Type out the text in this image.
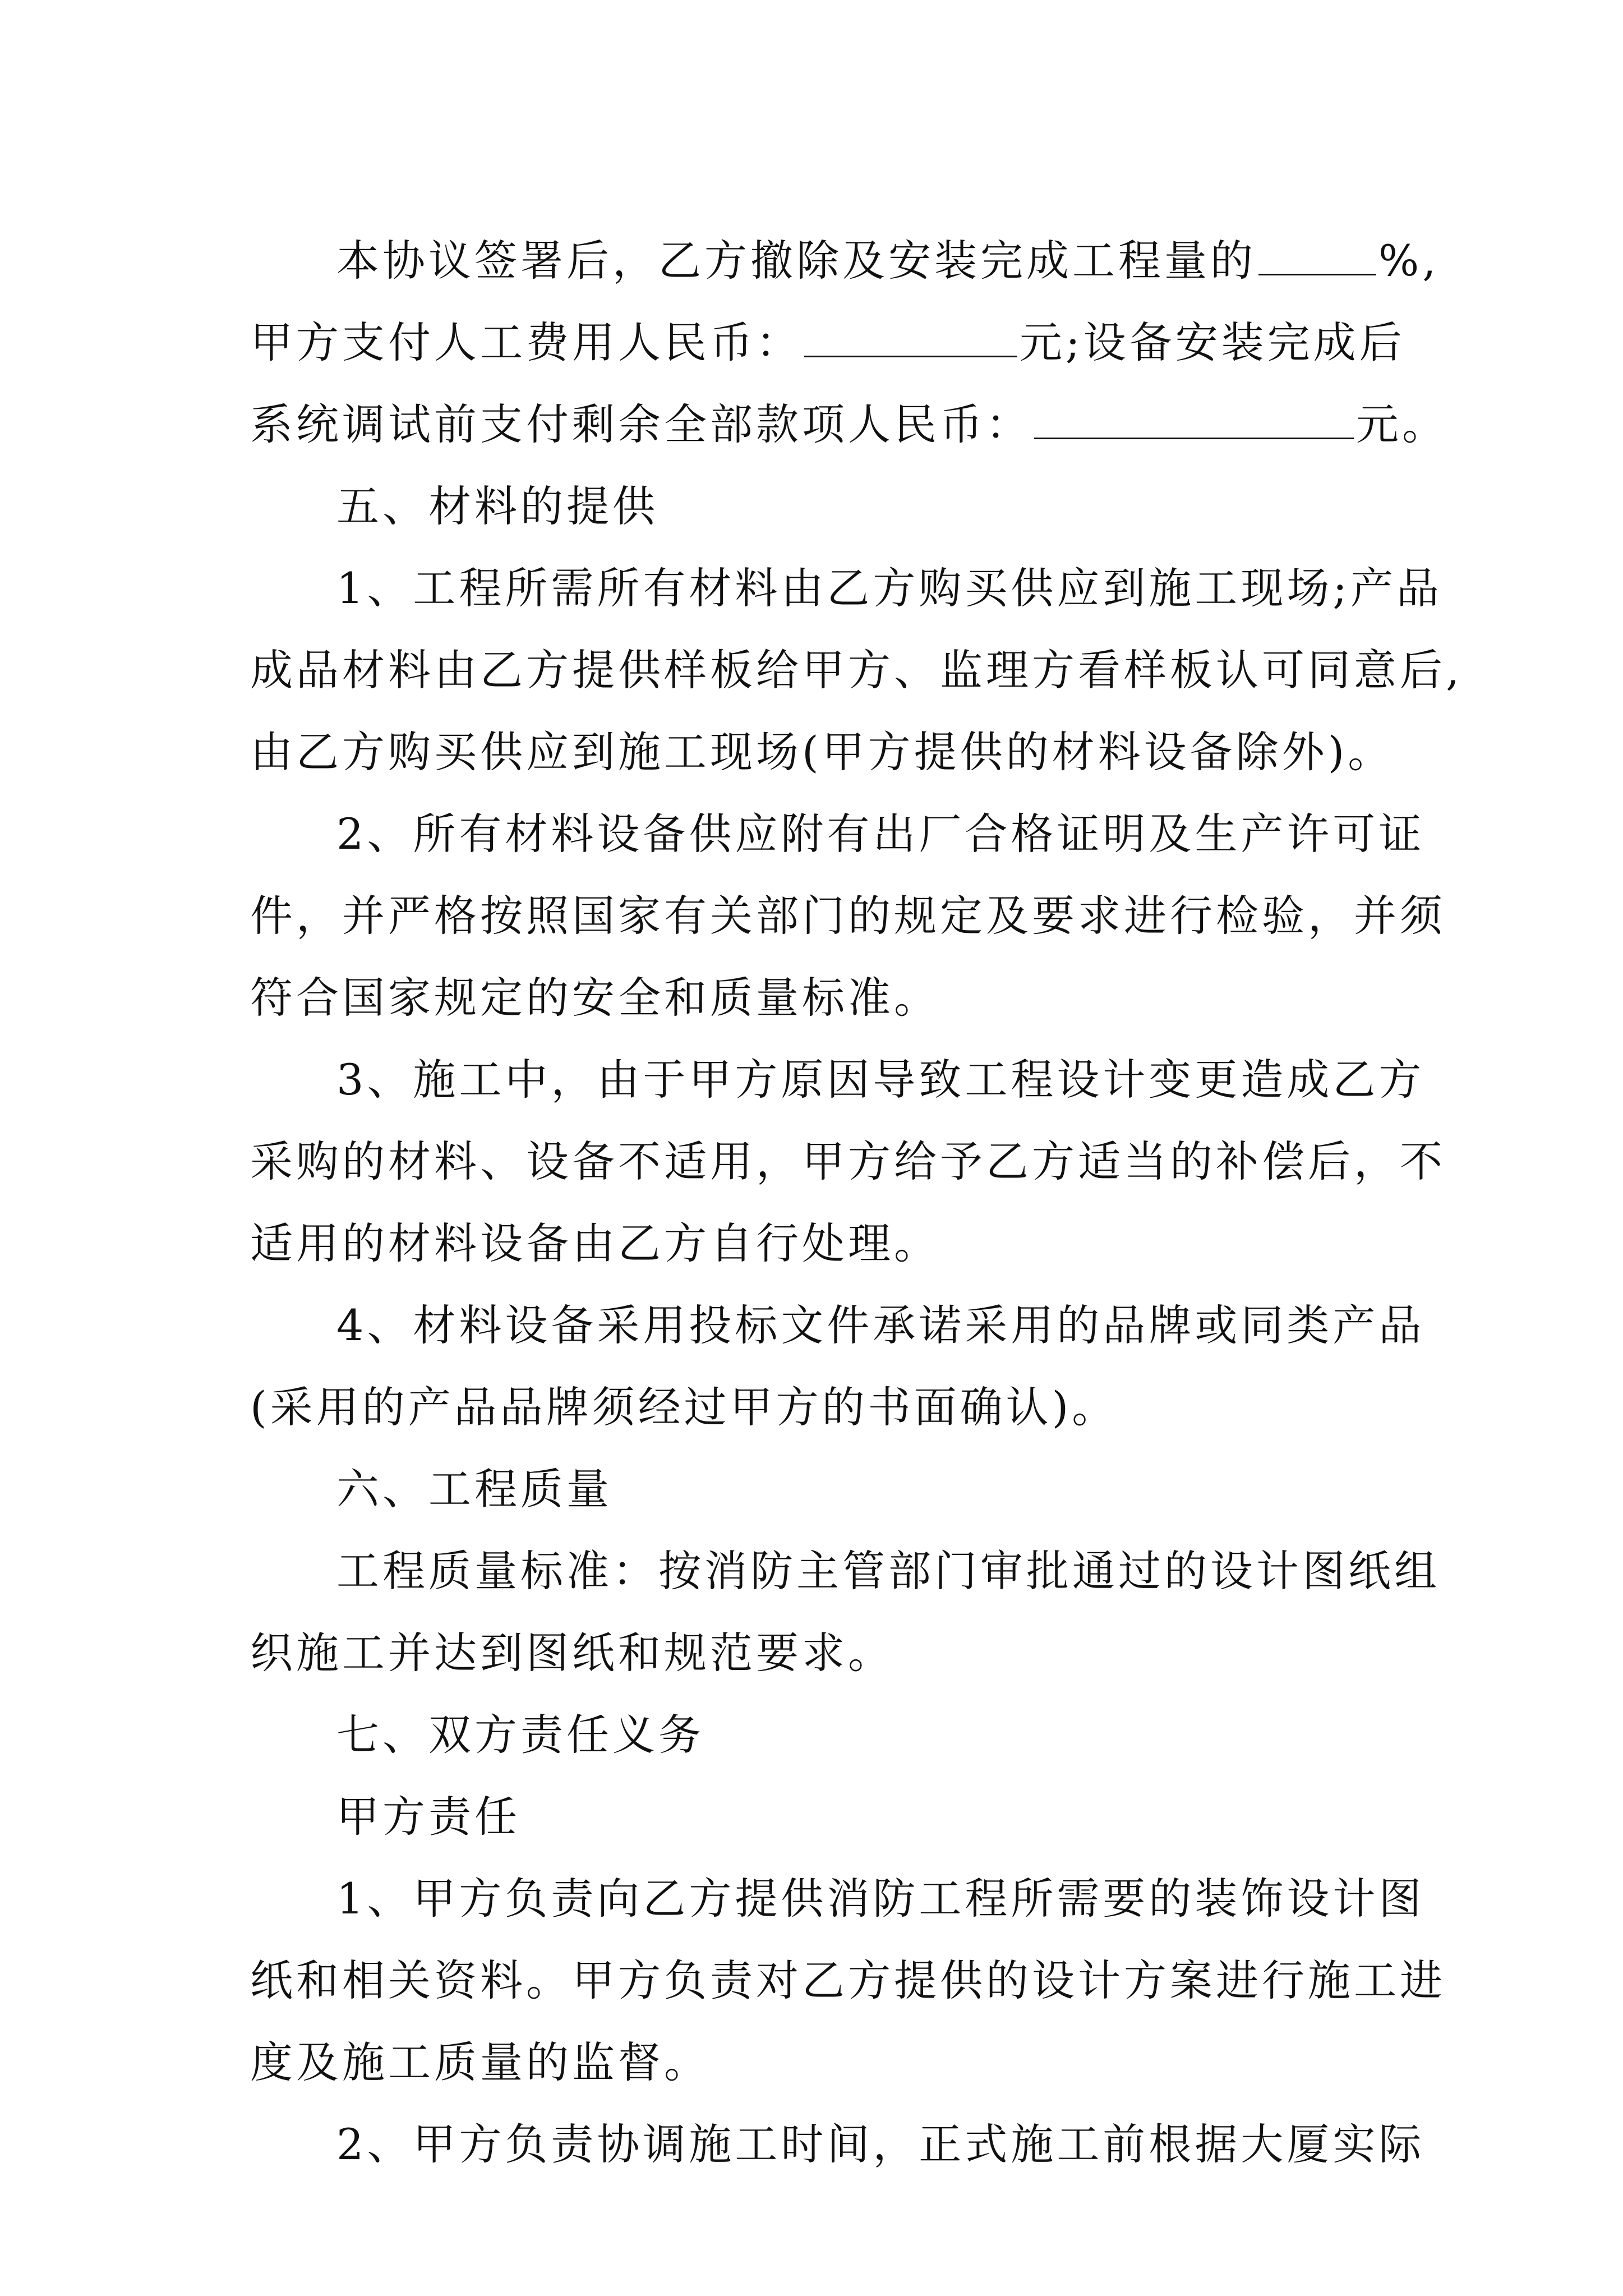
本协议签署后，乙方撤除及安装完成工程量的	%,
甲方支付人工费用人民币：	元;设备安装完成后
系统调试前支付剩余全部款项人民币：	元。
五、材料的提供
1、工程所需所有材料由乙方购买供应到施工现场;产品
成品材料由乙方提供样板给甲方、监理方看样板认可同意后,
由乙方购买供应到施工现场(甲方提供的材料设备除外)。
2、所有材料设备供应附有出厂合格证明及生产许可证
件，并严格按照国家有关部门的规定及要求进行检验，并须
符合国家规定的安全和质量标准。
3、施工中，由于甲方原因导致工程设计变更造成乙方
采购的材料、设备不适用，甲方给予乙方适当的补偿后，不
适用的材料设备由乙方自行处理。
4、材料设备采用投标文件承诺采用的品牌或同类产品
(采用的产品品牌须经过甲方的书面确认)。
六、工程质量
工程质量标准：按消防主管部门审批通过的设计图纸组
织施工并达到图纸和规范要求。
七、双方责任义务
甲方责任
1、甲方负责向乙方提供消防工程所需要的装饰设计图
纸和相关资料。甲方负责对乙方提供的设计方案进行施工进
度及施工质量的监督。
2、甲方负责协调施工时间，正式施工前根据大厦实际
